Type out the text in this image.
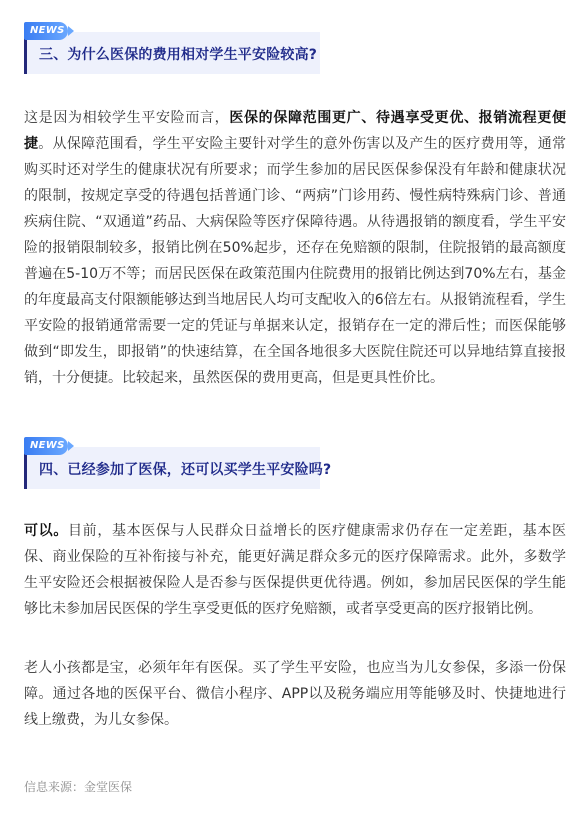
三、为什么医保的费用相对学生平安险较高?
NEWS

这是因为相较学生平安险而言，医保的保障范围更广、待遇享受更优、报销流程更便捷。从保障范围看，学生平安险主要针对学生的意外伤害以及产生的医疗费用等，通常购买时还对学生的健康状况有所要求；而学生参加的居民医保参保没有年龄和健康状况的限制，按规定享受的待遇包括普通门诊、“两病”门诊用药、慢性病特殊病门诊、普通疾病住院、“双通道”药品、大病保险等医疗保障待遇。从待遇报销的额度看，学生平安险的报销限制较多，报销比例在50%起步，还存在免赔额的限制，住院报销的最高额度普遍在5-10万不等；而居民医保在政策范围内住院费用的报销比例达到70%左右，基金的年度最高支付限额能够达到当地居民人均可支配收入的6倍左右。从报销流程看，学生平安险的报销通常需要一定的凭证与单据来认定，报销存在一定的滞后性；而医保能够做到“即发生，即报销”的快速结算，在全国各地很多大医院住院还可以异地结算直接报销，十分便捷。比较起来，虽然医保的费用更高，但是更具性价比。

四、已经参加了医保，还可以买学生平安险吗?
NEWS

可以。目前，基本医保与人民群众日益增长的医疗健康需求仍存在一定差距，基本医保、商业保险的互补衔接与补充，能更好满足群众多元的医疗保障需求。此外，多数学生平安险还会根据被保险人是否参与医保提供更优待遇。例如，参加居民医保的学生能够比未参加居民医保的学生享受更低的医疗免赔额，或者享受更高的医疗报销比例。

老人小孩都是宝，必须年年有医保。买了学生平安险，也应当为儿女参保，多添一份保障。通过各地的医保平台、微信小程序、APP以及税务端应用等能够及时、快捷地进行线上缴费，为儿女参保。

信息来源：金堂医保
